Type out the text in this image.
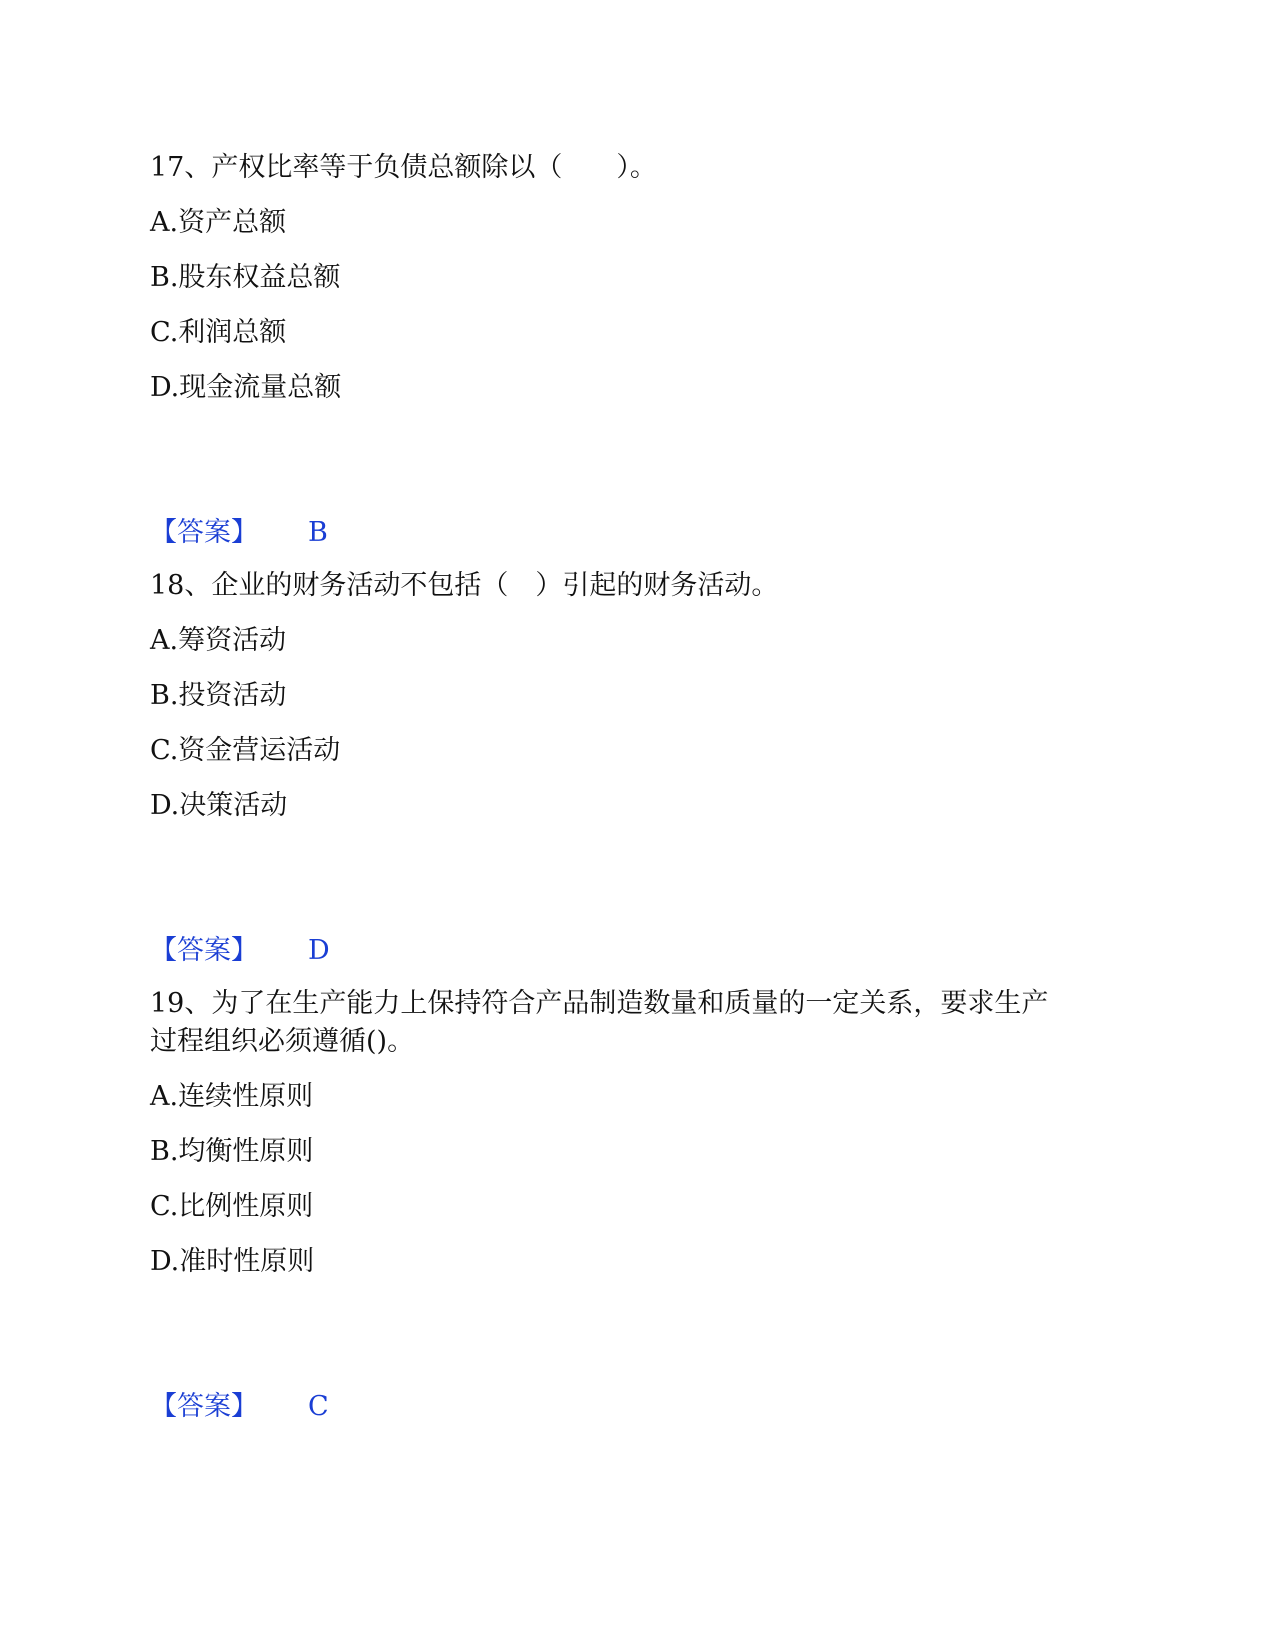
17、产权比率等于负债总额除以（　　）。
A.资产总额
B.股东权益总额
C.利润总额
D.现金流量总额
【答案】 B
18、企业的财务活动不包括（　）引起的财务活动。
A.筹资活动
B.投资活动
C.资金营运活动
D.决策活动
【答案】 D
19、为了在生产能力上保持符合产品制造数量和质量的一定关系，要求生产
过程组织必须遵循()。
A.连续性原则
B.均衡性原则
C.比例性原则
D.准时性原则
【答案】 C
